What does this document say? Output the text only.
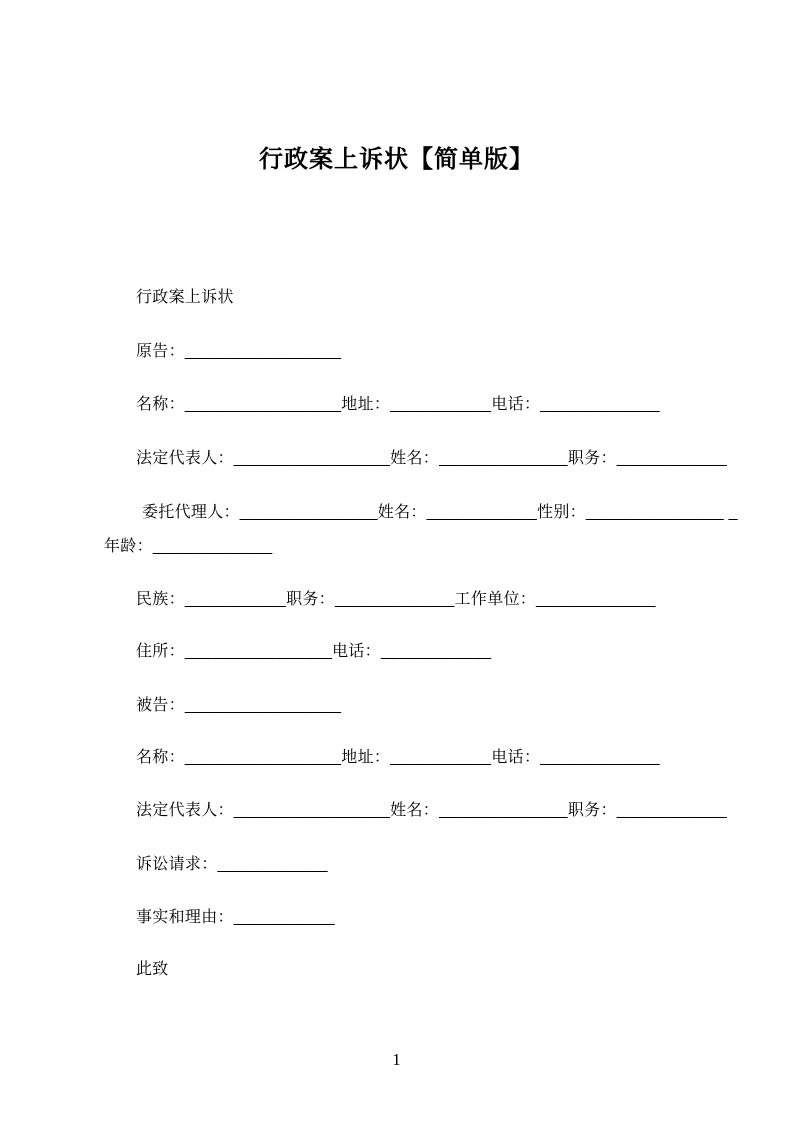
行政案上诉状【简单版】
行政案上诉状
原告：_________________
名称：_________________地址：___________电话：_____________
法定代表人：_________________姓名：______________职务：____________
委托代理人：_______________姓名：____________性别：_______________ _
年龄：_____________
民族：___________职务：_____________工作单位：_____________
住所：________________电话：____________
被告：_________________
名称：_________________地址：___________电话：_____________
法定代表人：_________________姓名：______________职务：____________
诉讼请求：____________
事实和理由：___________
此致
1
